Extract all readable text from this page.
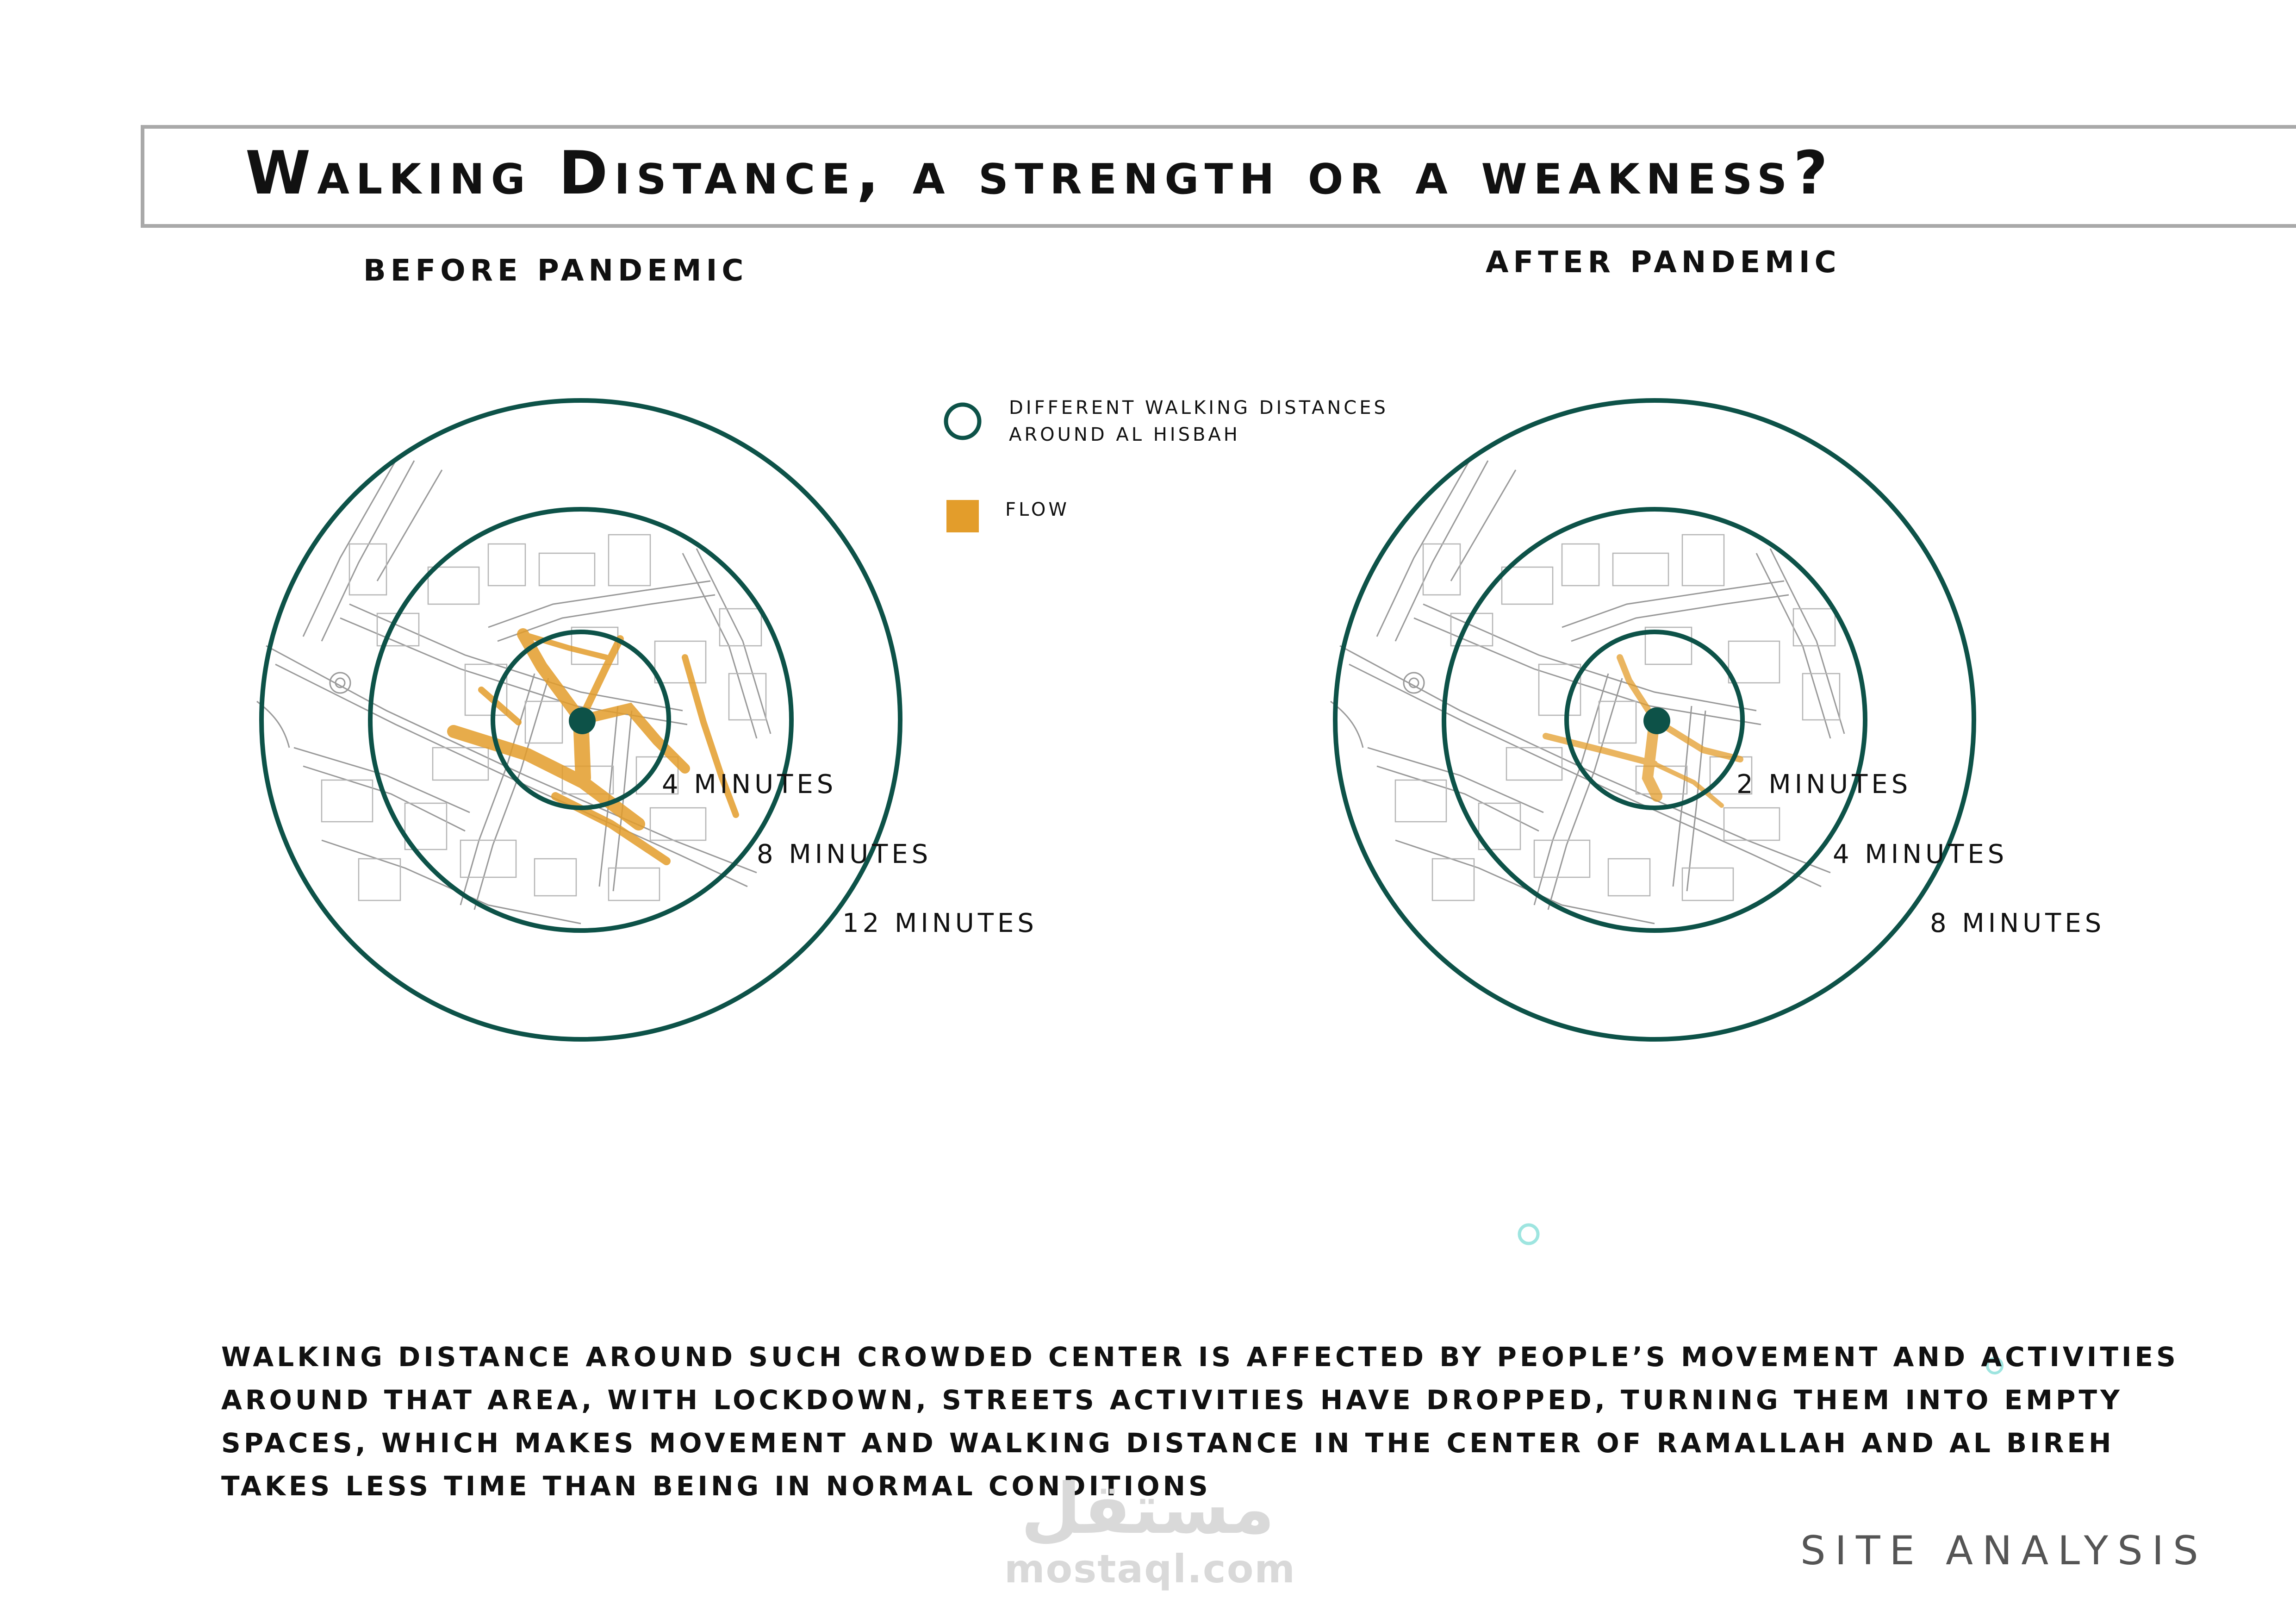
Walking Distance, a strength or a weakness?
BEFORE PANDEMIC	AFTER PANDEMIC
4 MINUTES
8 MINUTES
12 MINUTES
2 MINUTES
4 MINUTES
8 MINUTES
DIFFERENT WALKING DISTANCES
AROUND AL HISBAH
FLOW
WALKING DISTANCE AROUND SUCH CROWDED CENTER IS AFFECTED BY PEOPLE’S MOVEMENT AND ACTIVITIES
AROUND THAT AREA, WITH LOCKDOWN, STREETS ACTIVITIES HAVE DROPPED, TURNING THEM INTO EMPTY
SPACES, WHICH MAKES MOVEMENT AND WALKING DISTANCE IN THE CENTER OF RAMALLAH AND AL BIREH
TAKES LESS TIME THAN BEING IN NORMAL CONDITIONS
مستقل
mostaql.com	SITE ANALYSIS
